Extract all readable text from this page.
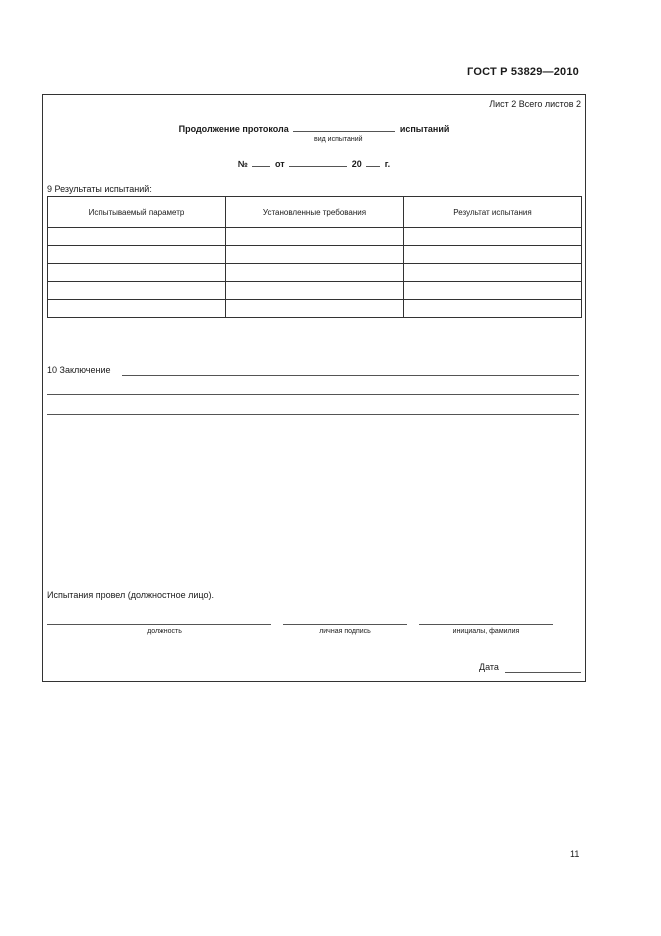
ГОСТ Р 53829—2010
Лист 2 Всего листов 2
Продолжение протокола	испытаний
вид испытаний
№	от	20	г.
9 Результаты испытаний:
Испытываемый параметр	Установленные требования	Результат испытания

10 Заключение
Испытания провел (должностное лицо).
должность	личная подпись	инициалы, фамилия
Дата
11
